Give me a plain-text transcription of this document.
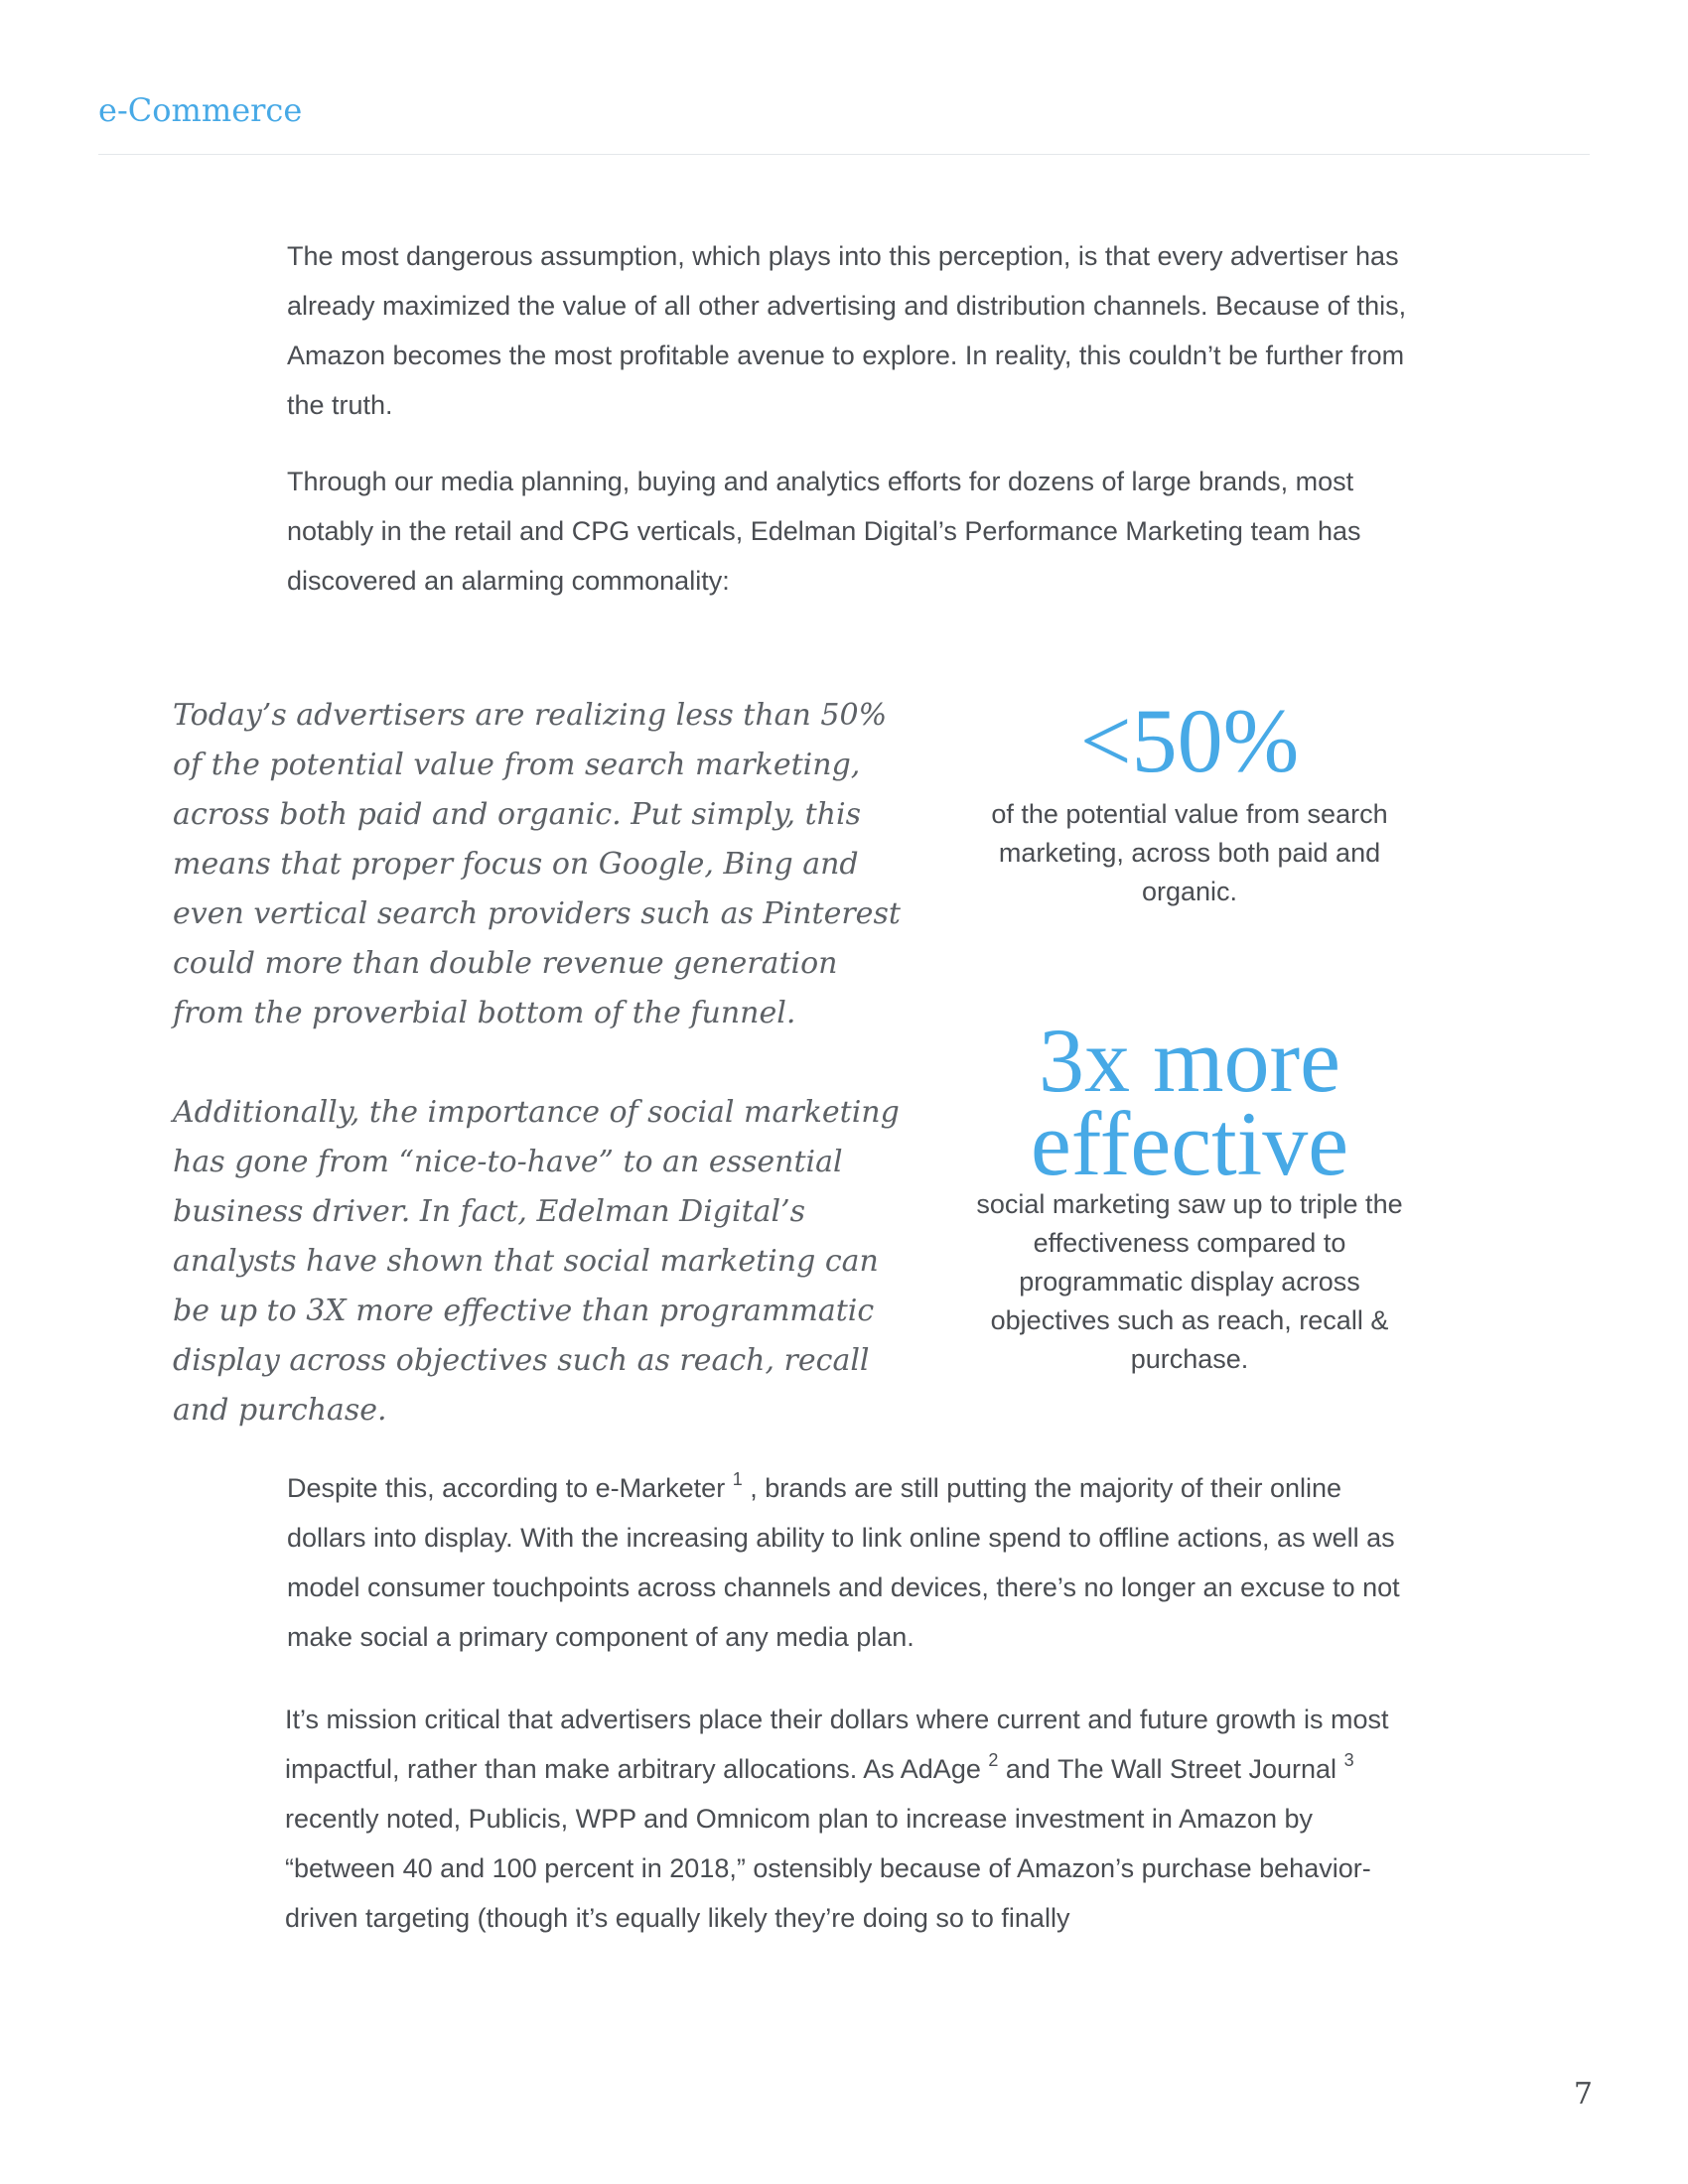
e-Commerce

The most dangerous assumption, which plays into this perception, is that every advertiser has already maximized the value of all other advertising and distribution channels. Because of this, Amazon becomes the most profitable avenue to explore. In reality, this couldn’t be further from the truth.

Through our media planning, buying and analytics efforts for dozens of large brands, most notably in the retail and CPG verticals, Edelman Digital’s Performance Marketing team has discovered an alarming commonality:

Today’s advertisers are realizing less than 50% of the potential value from search marketing, across both paid and organic. Put simply, this means that proper focus on Google, Bing and even vertical search providers such as Pinterest could more than double revenue generation from the proverbial bottom of the funnel.

Additionally, the importance of social marketing has gone from “nice-to-have” to an essential business driver. In fact, Edelman Digital’s analysts have shown that social marketing can be up to 3X more effective than programmatic display across objectives such as reach, recall and purchase.

<50%
of the potential value from search marketing, across both paid and organic.
3x more
effective
social marketing saw up to triple the effectiveness compared to programmatic display across objectives such as reach, recall & purchase.

Despite this, according to e-Marketer $^1$ , brands are still putting the majority of their online dollars into display. With the increasing ability to link online spend to offline actions, as well as model consumer touchpoints across channels and devices, there’s no longer an excuse to not make social a primary component of any media plan.

It’s mission critical that advertisers place their dollars where current and future growth is most impactful, rather than make arbitrary allocations. As AdAge $^2$ and The Wall Street Journal $^3$ recently noted, Publicis, WPP and Omnicom plan to increase investment in Amazon by “between 40 and 100 percent in 2018,” ostensibly because of Amazon’s purchase behavior-driven targeting (though it’s equally likely they’re doing so to finally

7
